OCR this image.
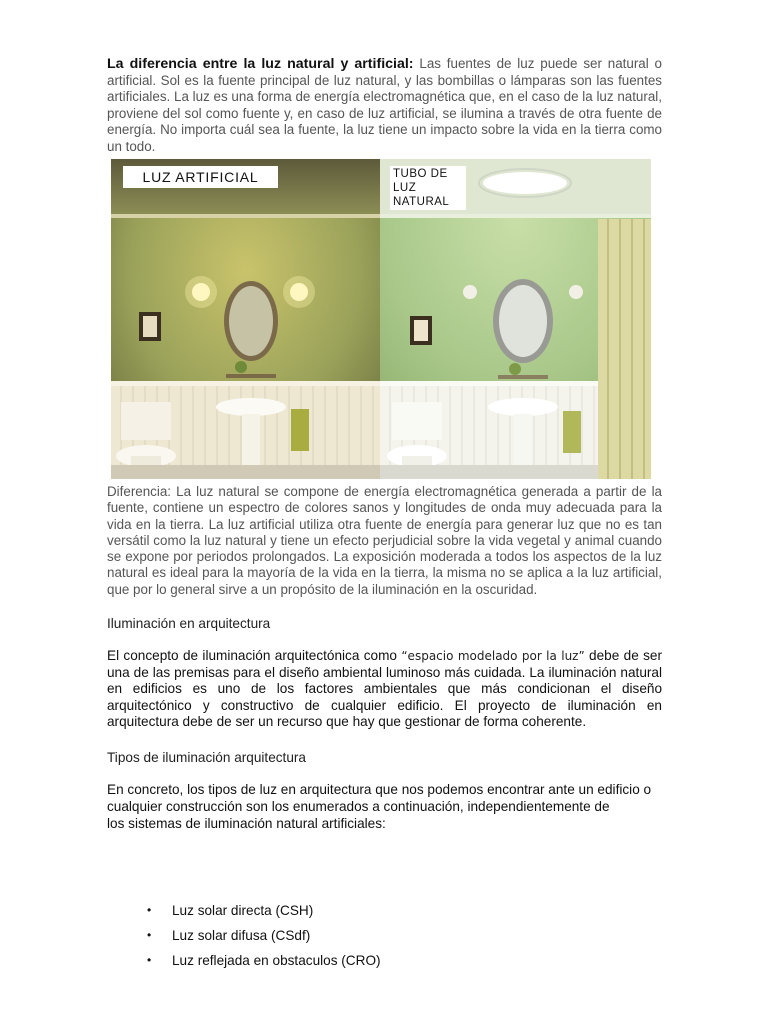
La diferencia entre la luz natural y artificial: Las fuentes de luz puede ser natural o artificial. Sol es la fuente principal de luz natural, y las bombillas o lámparas son las fuentes artificiales. La luz es una forma de energía electromagnética que, en el caso de la luz natural, proviene del sol como fuente y, en caso de luz artificial, se ilumina a través de otra fuente de energía. No importa cuál sea la fuente, la luz tiene un impacto sobre la vida en la tierra como un todo.

LUZ ARTIFICIAL	TUBO DE LUZ NATURAL

Diferencia: La luz natural se compone de energía electromagnética generada a partir de la fuente, contiene un espectro de colores sanos y longitudes de onda muy adecuada para la vida en la tierra. La luz artificial utiliza otra fuente de energía para generar luz que no es tan versátil como la luz natural y tiene un efecto perjudicial sobre la vida vegetal y animal cuando se expone por periodos prolongados. La exposición moderada a todos los aspectos de la luz natural es ideal para la mayoría de la vida en la tierra, la misma no se aplica a la luz artificial, que por lo general sirve a un propósito de la iluminación en la oscuridad.

Iluminación en arquitectura

El concepto de iluminación arquitectónica como “espacio modelado por la luz” debe de ser una de las premisas para el diseño ambiental luminoso más cuidada. La iluminación natural en edificios es uno de los factores ambientales que más condicionan el diseño arquitectónico y constructivo de cualquier edificio. El proyecto de iluminación en arquitectura debe de ser un recurso que hay que gestionar de forma coherente.

Tipos de iluminación arquitectura
En concreto, los tipos de luz en arquitectura que nos podemos encontrar ante un edificio o
cualquier construcción son los enumerados a continuación, independientemente de
los sistemas de iluminación natural artificiales:
• Luz solar directa (CSH)
• Luz solar difusa (CSdf)
• Luz reflejada en obstaculos (CRO)
